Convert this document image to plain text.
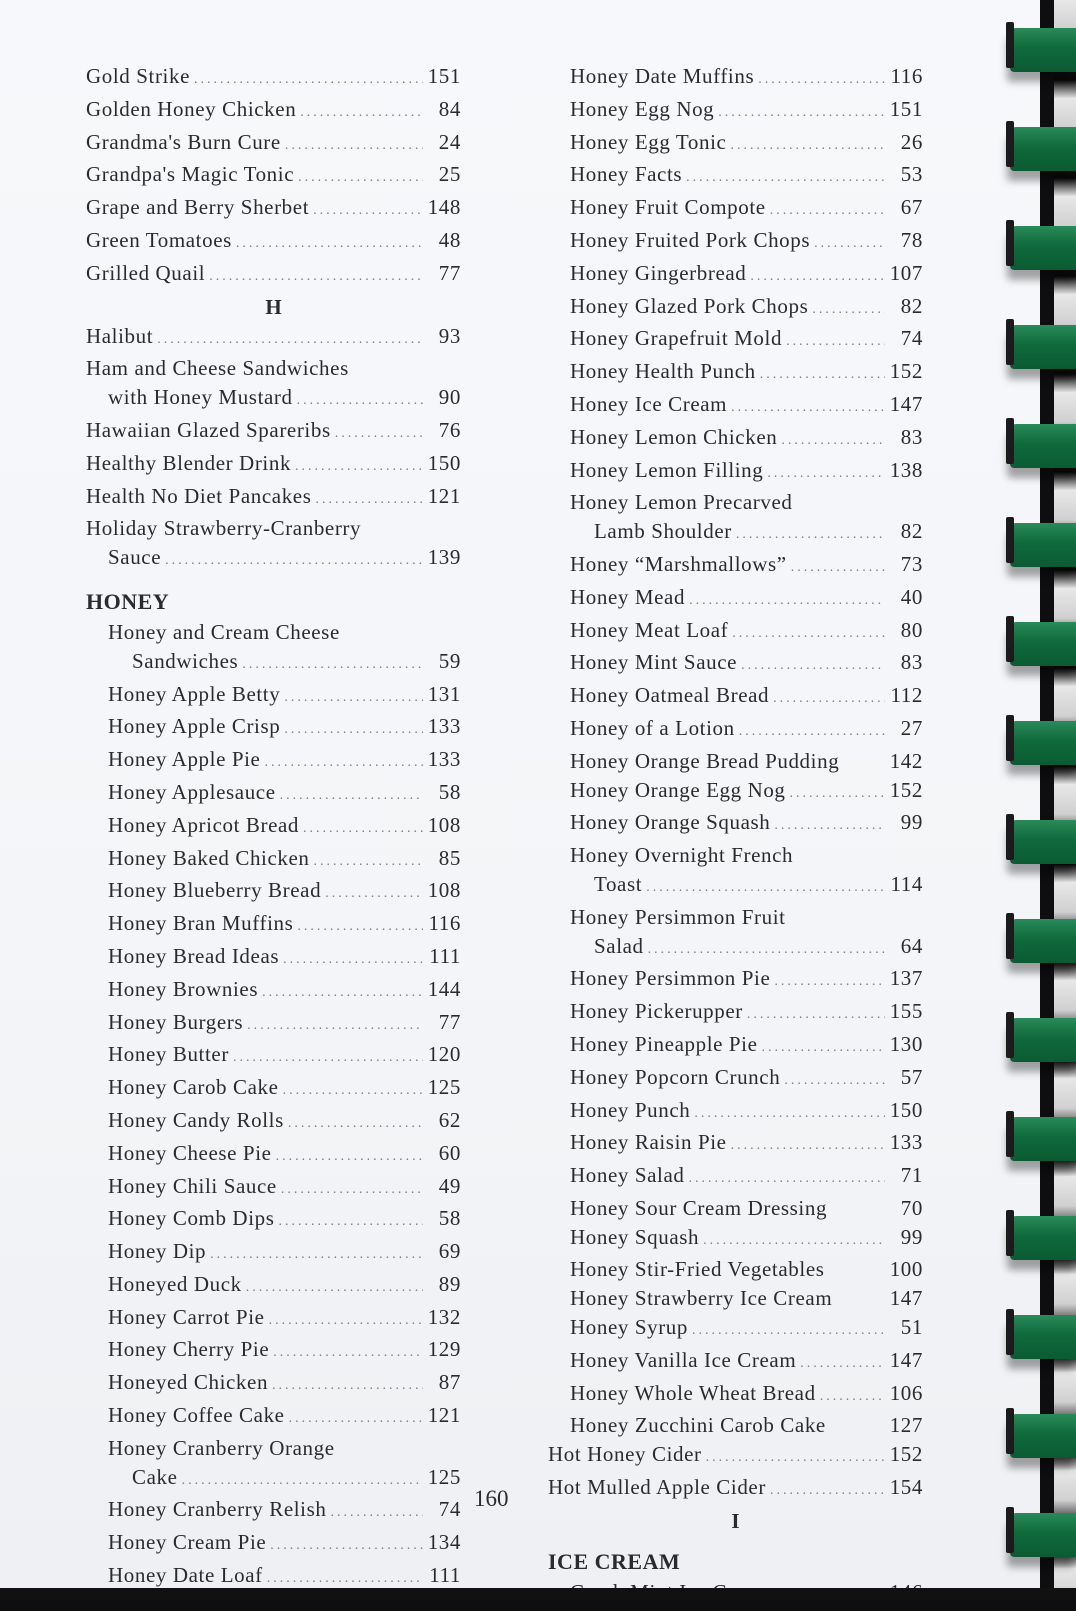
Gold Strike .....	151
Golden Honey Chicken .....	84
Grandma's Burn Cure .....	24
Grandpa's Magic Tonic .....	25
Grape and Berry Sherbet .....	148
Green Tomatoes .....	48
Grilled Quail .....	77
H
Halibut .....	93
Ham and Cheese Sandwiches
with Honey Mustard .....	90
Hawaiian Glazed Spareribs .....	76
Healthy Blender Drink .....	150
Health No Diet Pancakes .....	121
Holiday Strawberry-Cranberry
Sauce .....	139
HONEY
Honey and Cream Cheese
Sandwiches .....	59
Honey Apple Betty .....	131
Honey Apple Crisp .....	133
Honey Apple Pie .....	133
Honey Applesauce .....	58
Honey Apricot Bread .....	108
Honey Baked Chicken .....	85
Honey Blueberry Bread .....	108
Honey Bran Muffins .....	116
Honey Bread Ideas .....	111
Honey Brownies .....	144
Honey Burgers .....	77
Honey Butter .....	120
Honey Carob Cake .....	125
Honey Candy Rolls .....	62
Honey Cheese Pie .....	60
Honey Chili Sauce .....	49
Honey Comb Dips .....	58
Honey Dip .....	69
Honeyed Duck .....	89
Honey Carrot Pie .....	132
Honey Cherry Pie .....	129
Honeyed Chicken .....	87
Honey Coffee Cake .....	121
Honey Cranberry Orange
Cake .....	125
Honey Cranberry Relish .....	74
Honey Cream Pie .....	134
Honey Date Loaf .....	111
Honey Date Muffins .....	116
Honey Egg Nog .....	151
Honey Egg Tonic .....	26
Honey Facts .....	53
Honey Fruit Compote .....	67
Honey Fruited Pork Chops .....	78
Honey Gingerbread .....	107
Honey Glazed Pork Chops .....	82
Honey Grapefruit Mold .....	74
Honey Health Punch .....	152
Honey Ice Cream .....	147
Honey Lemon Chicken .....	83
Honey Lemon Filling .....	138
Honey Lemon Precarved
Lamb Shoulder .....	82
Honey “Marshmallows” .....	73
Honey Mead .....	40
Honey Meat Loaf .....	80
Honey Mint Sauce .....	83
Honey Oatmeal Bread .....	112
Honey of a Lotion .....	27
Honey Orange Bread Pudding 142
Honey Orange Egg Nog .....	152
Honey Orange Squash .....	99
Honey Overnight French
Toast .....	114
Honey Persimmon Fruit
Salad .....	64
Honey Persimmon Pie .....	137
Honey Pickerupper .....	155
Honey Pineapple Pie .....	130
Honey Popcorn Crunch .....	57
Honey Punch .....	150
Honey Raisin Pie .....	133
Honey Salad .....	71
Honey Sour Cream Dressing	70
Honey Squash .....	99
Honey Stir-Fried Vegetables	100
Honey Strawberry Ice Cream	147
Honey Syrup .....	51
Honey Vanilla Ice Cream .....	147
Honey Whole Wheat Bread .....	106
Honey Zucchini Carob Cake	127
Hot Honey Cider .....	152
Hot Mulled Apple Cider .....	154
I
ICE CREAM
.....
160
